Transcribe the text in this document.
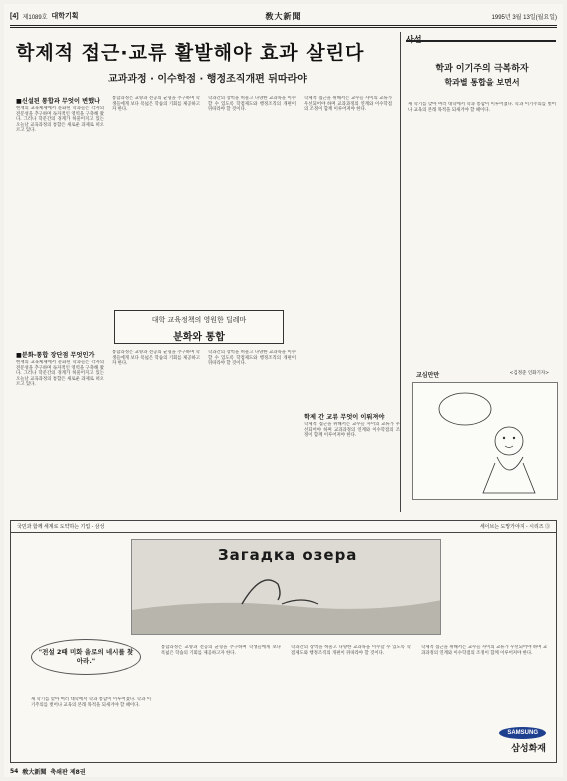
[4] 제1089호 대학기획	敎大新聞	1995년 3월 13일(월요일)
학제적 접근·교류 활발해야 효과 살린다
교과과정 · 이수학점 · 행정조직개편 뒤따라야
■신설된 통합과 무엇이 변했나
현재의 교육체제에서 분화된 학과들은 각자의 전문성을 추구하며 독자적인 영역을 구축해 왔다. 그러나 학문간의 경계가 허물어지고 있는 오늘날 교육과정의 통합은 새로운 과제로 떠오르고 있다.
통합과정은 교양과 전공의 균형을 추구하며 학생들에게 보다 폭넓은 학습의 기회를 제공하고자 한다.
학과간의 장벽을 허물고 다양한 교과목을 이수할 수 있도록 학점제도와 행정조직의 개편이 뒤따라야 할 것이다.
학제적 접근을 위해서는 교수들 사이의 교류가 우선되어야 하며 교과과정의 연계와 이수학점의 조정이 함께 이루어져야 한다.
대학 교육정책의 영원한 딜레마
분화와 통합
■분화-통합 장단점 무엇인가
현재의 교육체제에서 분화된 학과들은 각자의 전문성을 추구하며 독자적인 영역을 구축해 왔다. 그러나 학문간의 경계가 허물어지고 있는 오늘날 교육과정의 통합은 새로운 과제로 떠오르고 있다.
통합과정은 교양과 전공의 균형을 추구하며 학생들에게 보다 폭넓은 학습의 기회를 제공하고자 한다.
학과간의 장벽을 허물고 다양한 교과목을 이수할 수 있도록 학점제도와 행정조직의 개편이 뒤따라야 할 것이다.
학제 간 교류 무엇이 이뤄져야
학제적 접근을 위해서는 교수들 사이의 교류가 우선되어야 하며 교과과정의 연계와 이수학점의 조정이 함께 이루어져야 한다.
학과 이기주의 극복하자
학과별 통합을 보면서
새 학기를 맞아 여러 대학에서 학과 통합이 이루어졌다. 학과 이기주의를 벗어나 교육의 본래 목적을 되새겨야 할 때이다.
교심만만	<김정준 인화기자>
국민과 함께 세계로 도약하는 기업 - 삼성	세이브는 도망가야지 - 시리즈 ③
Загадка озера
"전설 2때 미화 을로의 네시를 찾아라."
새 학기를 맞아 여러 대학에서 학과 통합이 이루어졌다. 학과 이기주의를 벗어나 교육의 본래 목적을 되새겨야 할 때이다.
통합과정은 교양과 전공의 균형을 추구하며 학생들에게 보다 폭넓은 학습의 기회를 제공하고자 한다.
학과간의 장벽을 허물고 다양한 교과목을 이수할 수 있도록 학점제도와 행정조직의 개편이 뒤따라야 할 것이다.
학제적 접근을 위해서는 교수들 사이의 교류가 우선되어야 하며 교과과정의 연계와 이수학점의 조정이 함께 이루어져야 한다.
SAMSUNG
삼성화재
54 敎大新聞 축쇄판 제8권
